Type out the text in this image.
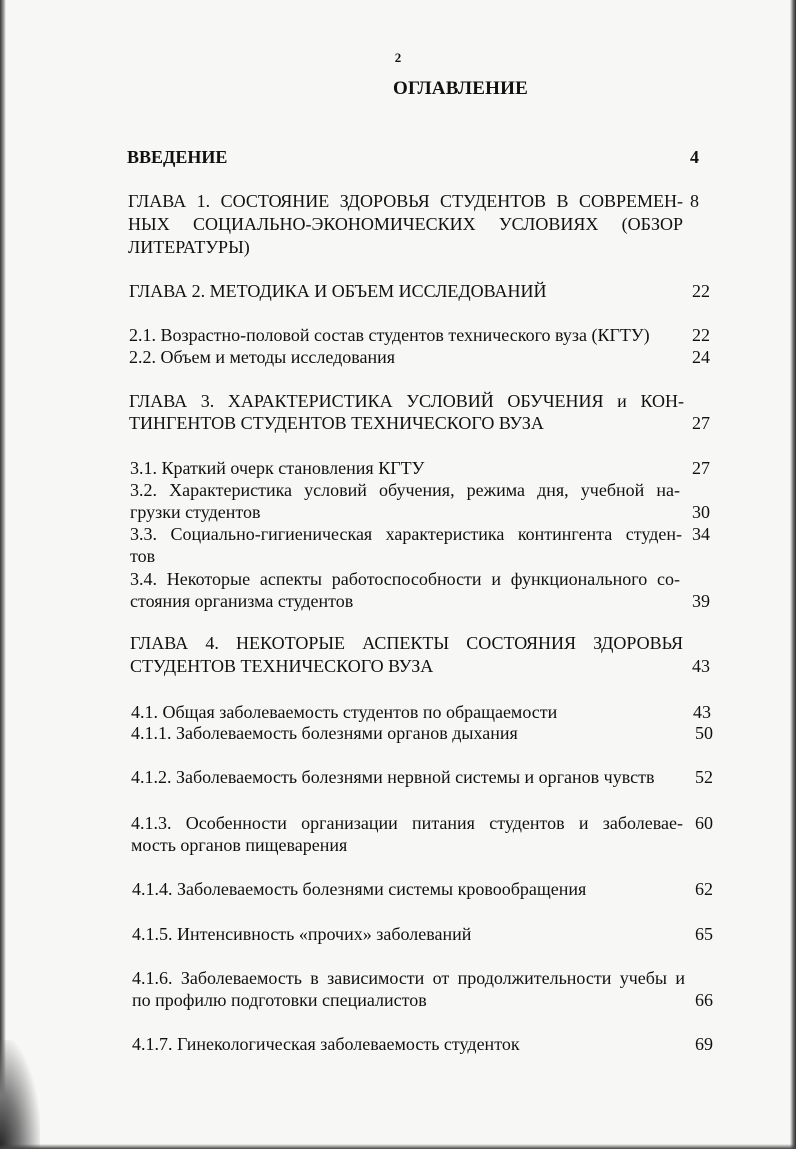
2
ОГЛАВЛЕНИЕ
ВВЕДЕНИЕ	4
ГЛАВА 1. СОСТОЯНИЕ ЗДОРОВЬЯ СТУДЕНТОВ В СОВРЕМЕН- 8
НЫХ СОЦИАЛЬНО-ЭКОНОМИЧЕСКИХ УСЛОВИЯХ (ОБЗОР
ЛИТЕРАТУРЫ)
ГЛАВА 2. МЕТОДИКА И ОБЪЕМ ИССЛЕДОВАНИЙ	22
2.1. Возрастно-половой состав студентов технического вуза (КГТУ)	22
2.2. Объем и методы исследования	24
ГЛАВА 3. ХАРАКТЕРИСТИКА УСЛОВИЙ ОБУЧЕНИЯ и КОН-
ТИНГЕНТОВ СТУДЕНТОВ ТЕХНИЧЕСКОГО ВУЗА	27
3.1. Краткий очерк становления КГТУ	27
3.2. Характеристика условий обучения, режима дня, учебной на-
грузки студентов	30
3.3. Социально-гигиеническая характеристика контингента студен- 34
тов
3.4. Некоторые аспекты работоспособности и функционального со-
стояния организма студентов	39
ГЛАВА 4. НЕКОТОРЫЕ АСПЕКТЫ СОСТОЯНИЯ ЗДОРОВЬЯ
СТУДЕНТОВ ТЕХНИЧЕСКОГО ВУЗА	43
4.1. Общая заболеваемость студентов по обращаемости	43
4.1.1. Заболеваемость болезнями органов дыхания	50
4.1.2. Заболеваемость болезнями нервной системы и органов чувств	52
4.1.3. Особенности организации питания студентов и заболевае- 60
мость органов пищеварения
4.1.4. Заболеваемость болезнями системы кровообращения	62
4.1.5. Интенсивность «прочих» заболеваний	65
4.1.6. Заболеваемость в зависимости от продолжительности учебы и
по профилю подготовки специалистов	66
4.1.7. Гинекологическая заболеваемость студенток	69
